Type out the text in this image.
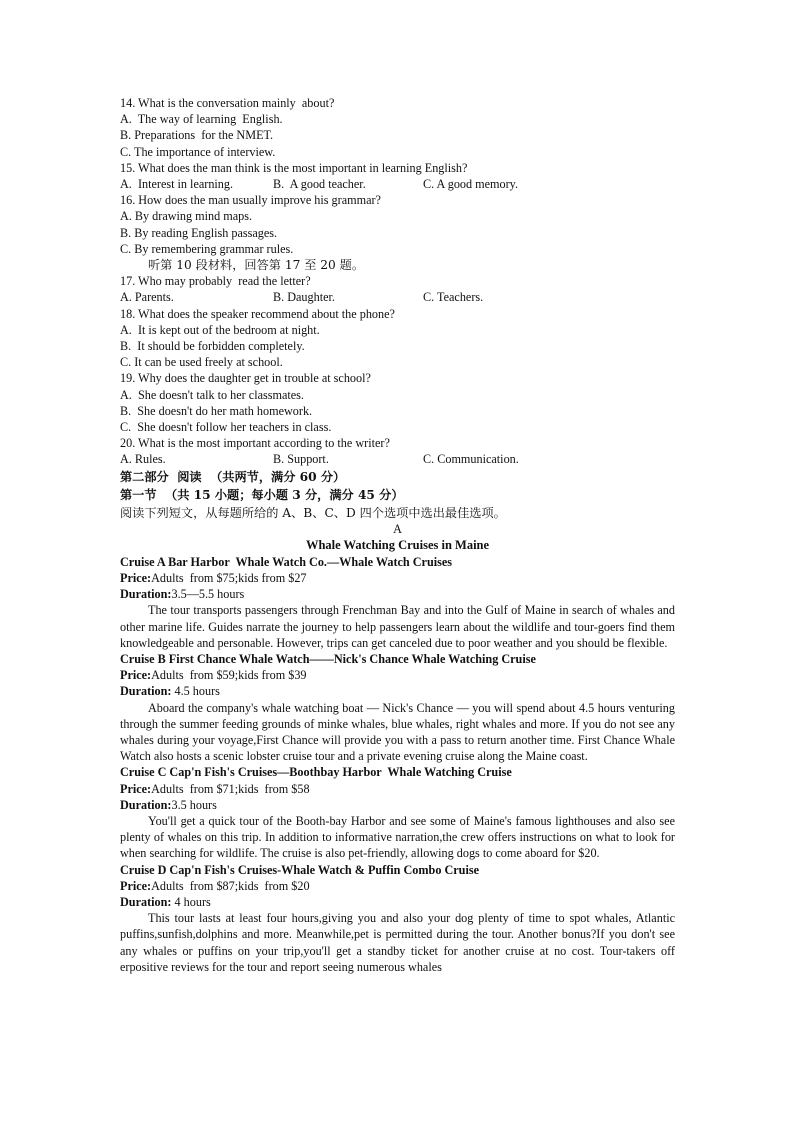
14. What is the conversation mainly  about?
A.  The way of learning  English.
B. Preparations  for the NMET.
C. The importance of interview.
15. What does the man think is the most important in learning English?
A.  Interest in learning.	B.  A good teacher.	C. A good memory.
16. How does the man usually improve his grammar?
A. By drawing mind maps.
B. By reading English passages.
C. By remembering grammar rules.
听第 10 段材料，回答第 17 至 20 题。
17. Who may probably  read the letter?
A. Parents.	B. Daughter.	C. Teachers.
18. What does the speaker recommend about the phone?
A.  It is kept out of the bedroom at night.
B.  It should be forbidden completely.
C. It can be used freely at school.
19. Why does the daughter get in trouble at school?
A.  She doesn't talk to her classmates.
B.  She doesn't do her math homework.
C.  She doesn't follow her teachers in class.
20. What is the most important according to the writer?
A. Rules.	B. Support.	C. Communication.
第二部分  阅读  （共两节，满分 60 分）
第一节  （共 15 小题；每小题 3 分，满分 45 分）
阅读下列短文，从每题所给的 A、B、C、D 四个选项中选出最佳选项。
A
Whale Watching Cruises in Maine
Cruise A Bar Harbor  Whale Watch Co.—Whale Watch Cruises
Price:Adults  from $75;kids from $27
Duration:3.5—5.5 hours
The tour transports passengers through Frenchman Bay and into the Gulf of Maine in search of whales and other marine life. Guides narrate the journey to help passengers learn about the wildlife and tour-goers find them knowledgeable and personable. However, trips can get canceled due to poor weather and you should be flexible.
Cruise B First Chance Whale Watch——Nick's Chance Whale Watching Cruise
Price:Adults  from $59;kids from $39
Duration: 4.5 hours
Aboard the company's whale watching boat — Nick's Chance — you will spend about 4.5 hours venturing through the summer feeding grounds of minke whales, blue whales, right whales and more. If you do not see any whales during your voyage,First Chance will provide you with a pass to return another time. First Chance Whale Watch also hosts a scenic lobster cruise tour and a private evening cruise along the Maine coast.
Cruise C Cap'n Fish's Cruises—Boothbay Harbor  Whale Watching Cruise
Price:Adults  from $71;kids  from $58
Duration:3.5 hours
You'll get a quick tour of the Booth-bay Harbor and see some of Maine's famous lighthouses and also see plenty of whales on this trip. In addition to informative narration,the crew offers instructions on what to look for when searching for wildlife. The cruise is also pet-friendly, allowing dogs to come aboard for $20.
Cruise D Cap'n Fish's Cruises-Whale Watch & Puffin Combo Cruise
Price:Adults  from $87;kids  from $20
Duration: 4 hours
This tour lasts at least four hours,giving you and also your dog plenty of time to spot whales, Atlantic puffins,sunfish,dolphins and more. Meanwhile,pet is permitted during the tour. Another bonus?If you don't see any whales or puffins on your trip,you'll get a standby ticket for another cruise at no cost. Tour-takers off erpositive reviews for the tour and report seeing numerous whales
